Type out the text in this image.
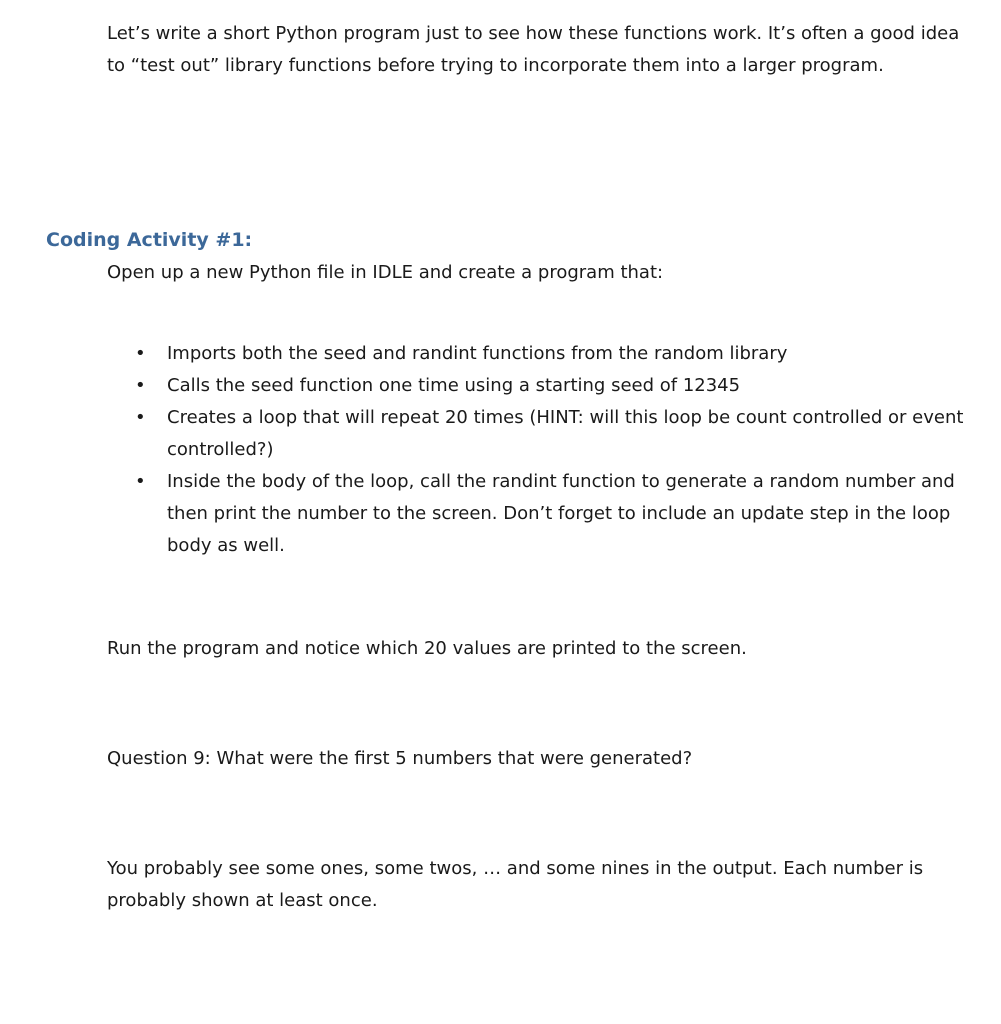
Let’s write a short Python program just to see how these functions work. It’s often a good idea to “test out” library functions before trying to incorporate them into a larger program.

Coding Activity #1:

Open up a new Python file in IDLE and create a program that:

• Imports both the seed and randint functions from the random library
• Calls the seed function one time using a starting seed of 12345
• Creates a loop that will repeat 20 times (HINT: will this loop be count controlled or event controlled?)
• Inside the body of the loop, call the randint function to generate a random number and then print the number to the screen. Don’t forget to include an update step in the loop body as well.

Run the program and notice which 20 values are printed to the screen.

Question 9: What were the first 5 numbers that were generated?

You probably see some ones, some twos, … and some nines in the output. Each number is probably shown at least once.
